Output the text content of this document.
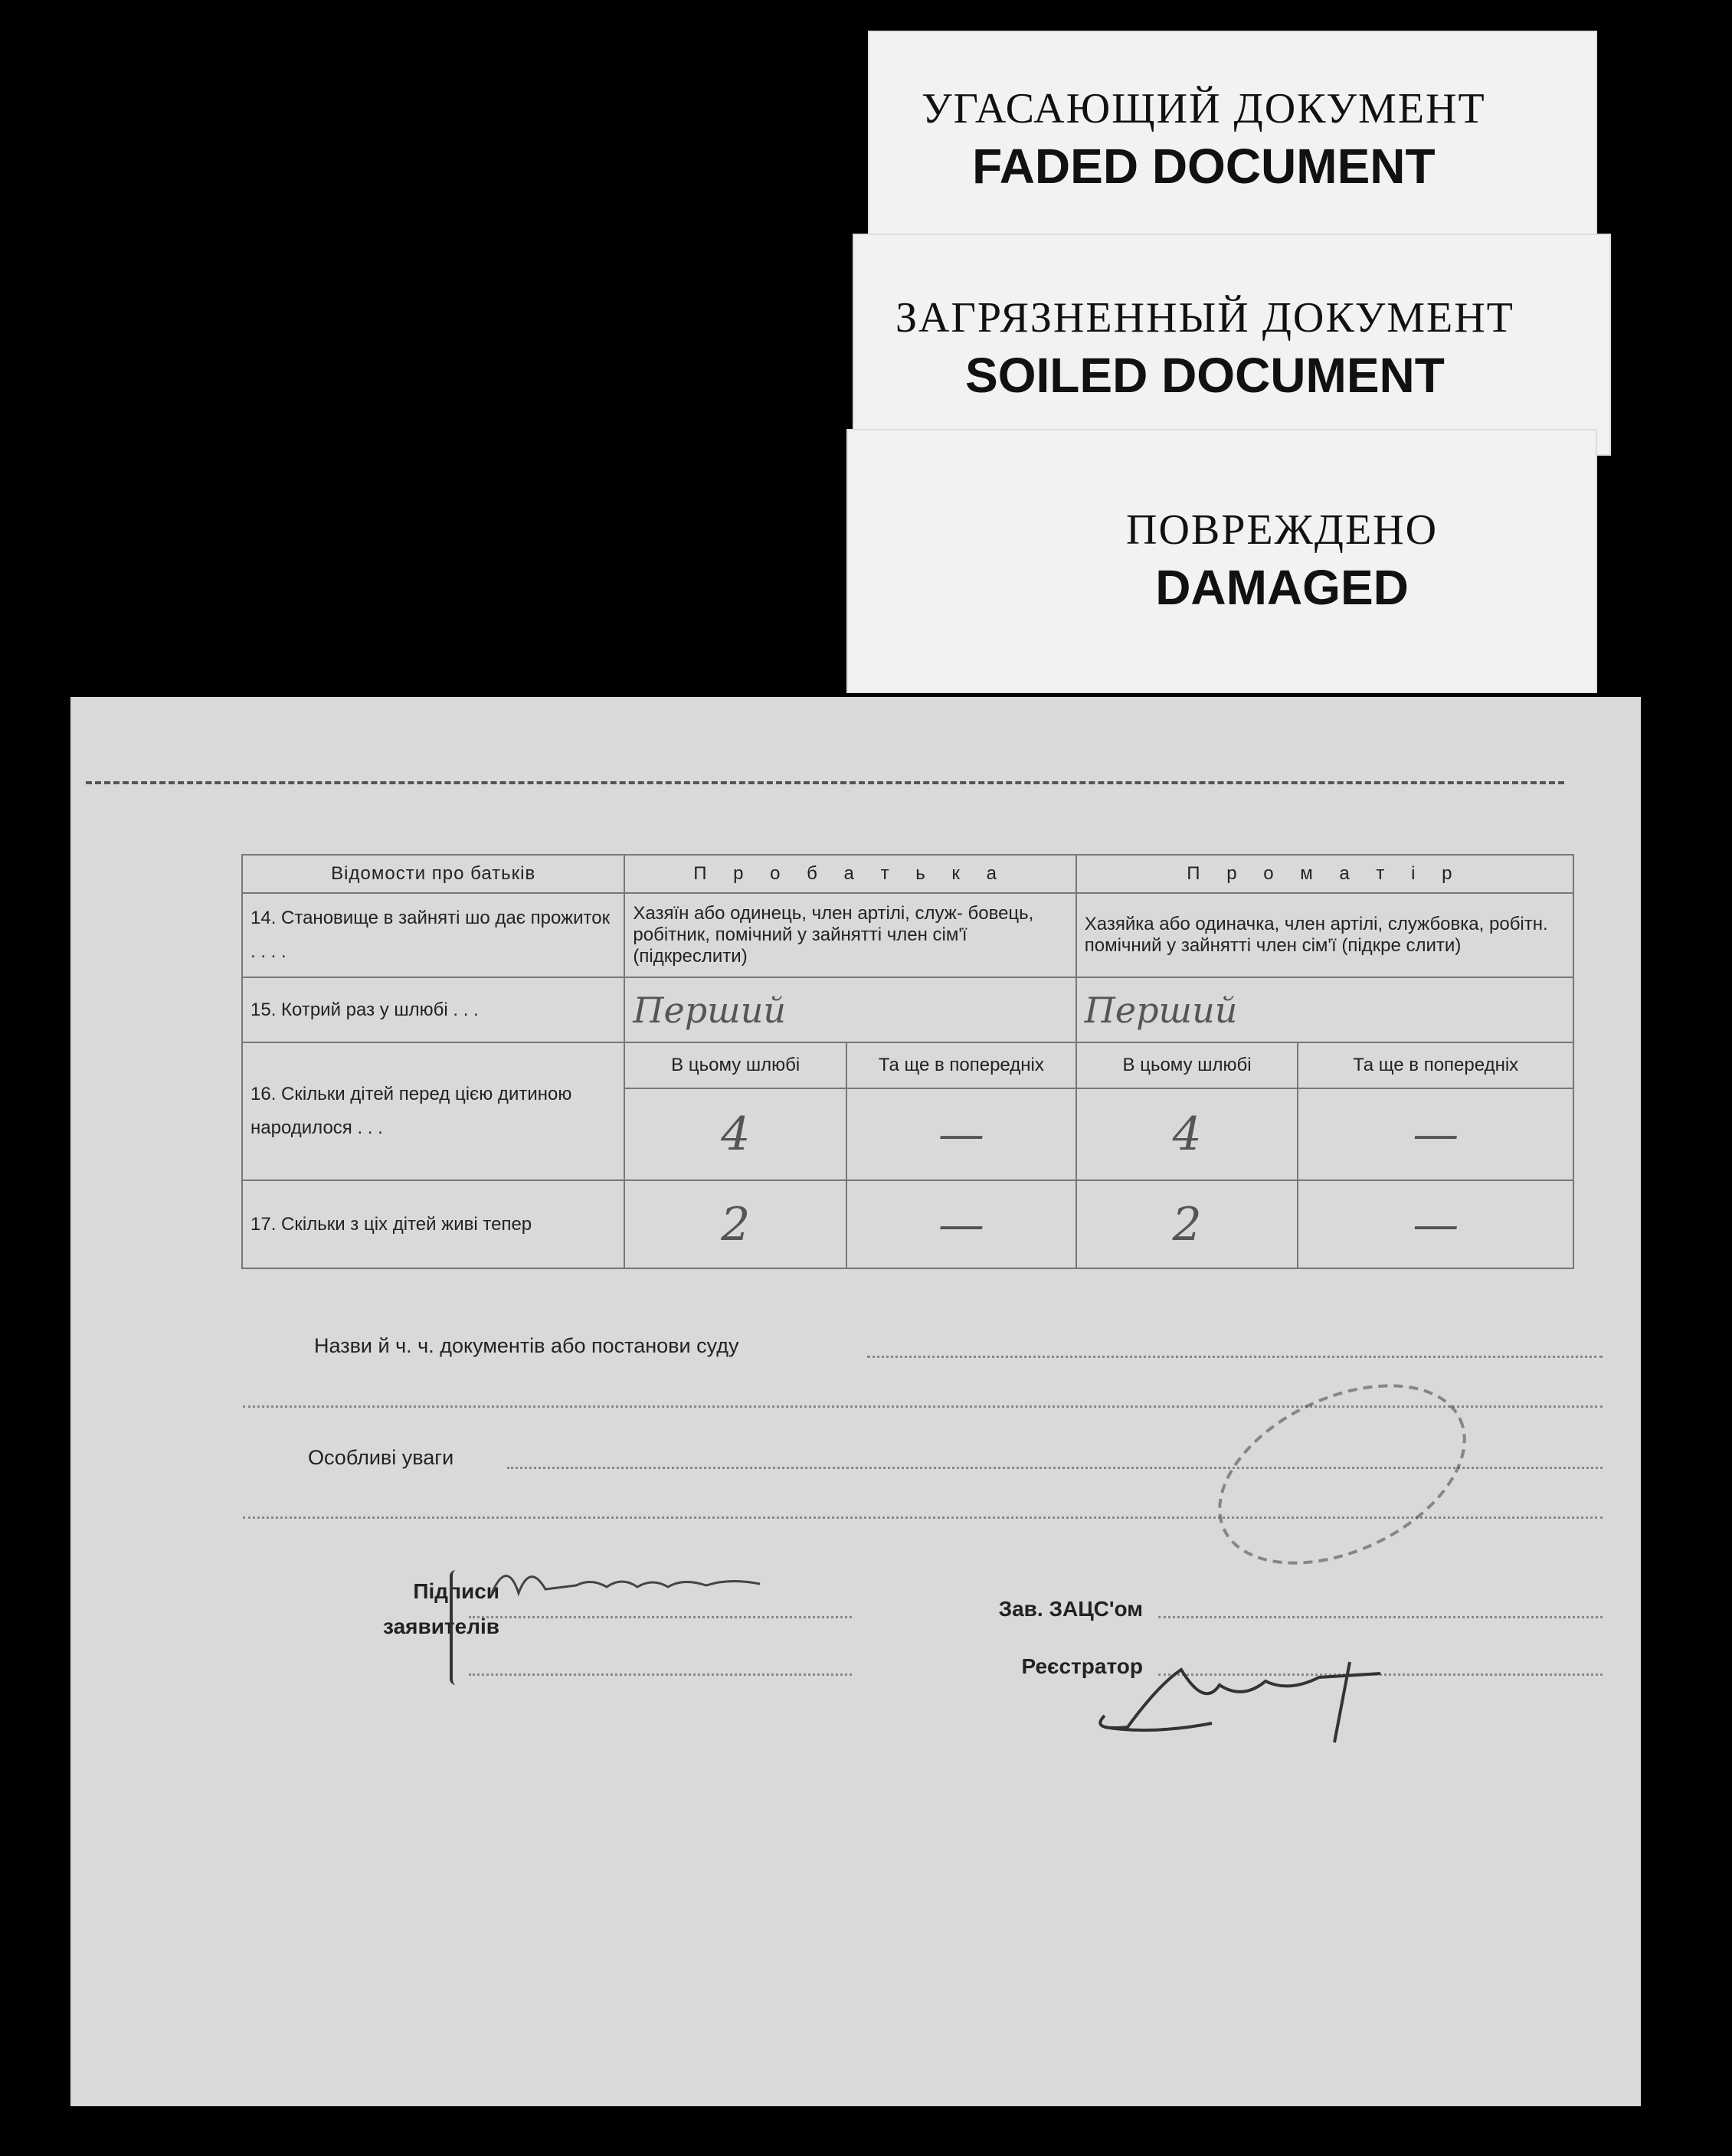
УГАСАЮЩИЙ ДОКУМЕНТ
FADED DOCUMENT
ЗАГРЯЗНЕННЫЙ ДОКУМЕНТ
SOILED DOCUMENT
ПОВРЕЖДЕНО
DAMAGED
Відомости про батьків	П р о б а т ь к а		П р о м а т і р	
14. Становище в зайняті шо дає прожиток . . . .	Хазяїн або одинець, член артілі, служ- бовець, робітник, помічний у зайнятті член сім'ї (підкреслити)		Хазяйка або одиначка, член артілі, службовка, робітн. помічний у зайнятті член сім'ї (підкре слити)	
15. Котрий раз у шлюбі . . .	Перший		Перший	
16. Скільки дітей перед цією дитиною народилося . . .	В цьому шлюбі	Та ще в попередніх	В цьому шлюбі	Та ще в попередніх
	4	—	4	—
17. Скільки з ціх дітей живі тепер	2	—	2	—
Назви й ч. ч. документів або постанови суду
Особливі уваги
Підписи
заявителів
Зав. ЗАЦС'ом
Реєстратор
